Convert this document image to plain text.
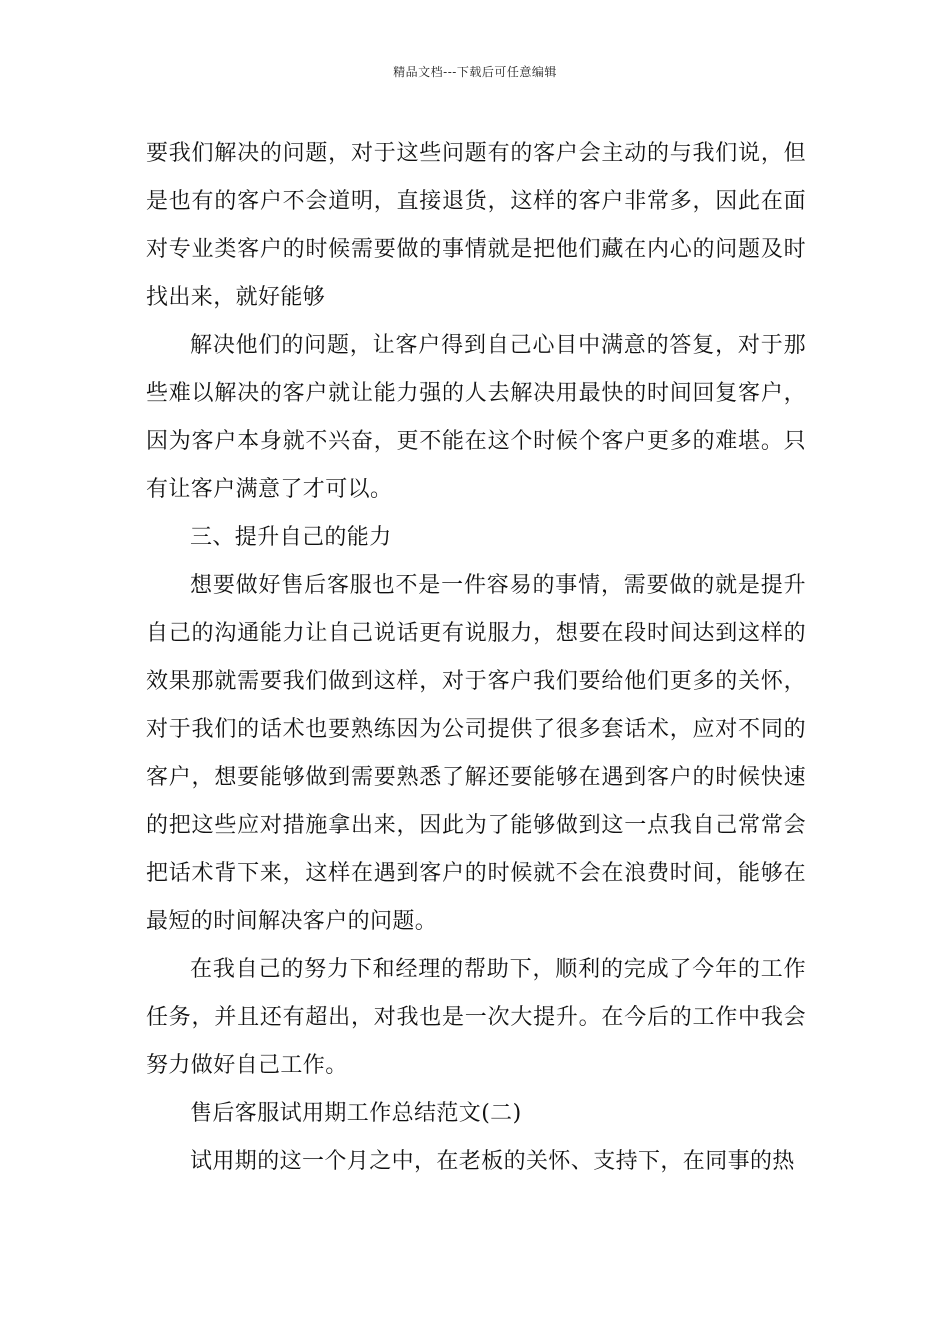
精品文档---下载后可任意编辑

要我们解决的问题，对于这些问题有的客户会主动的与我们说，但是也有的客户不会道明，直接退货，这样的客户非常多，因此在面对专业类客户的时候需要做的事情就是把他们藏在内心的问题及时找出来，就好能够

解决他们的问题，让客户得到自己心目中满意的答复，对于那些难以解决的客户就让能力强的人去解决用最快的时间回复客户，因为客户本身就不兴奋，更不能在这个时候个客户更多的难堪。只有让客户满意了才可以。

三、提升自己的能力

想要做好售后客服也不是一件容易的事情，需要做的就是提升自己的沟通能力让自己说话更有说服力，想要在段时间达到这样的效果那就需要我们做到这样，对于客户我们要给他们更多的关怀，对于我们的话术也要熟练因为公司提供了很多套话术，应对不同的客户，想要能够做到需要熟悉了解还要能够在遇到客户的时候快速的把这些应对措施拿出来，因此为了能够做到这一点我自己常常会把话术背下来，这样在遇到客户的时候就不会在浪费时间，能够在最短的时间解决客户的问题。

在我自己的努力下和经理的帮助下，顺利的完成了今年的工作任务，并且还有超出，对我也是一次大提升。在今后的工作中我会努力做好自己工作。

售后客服试用期工作总结范文(二)

试用期的这一个月之中，在老板的关怀、支持下，在同事的热
